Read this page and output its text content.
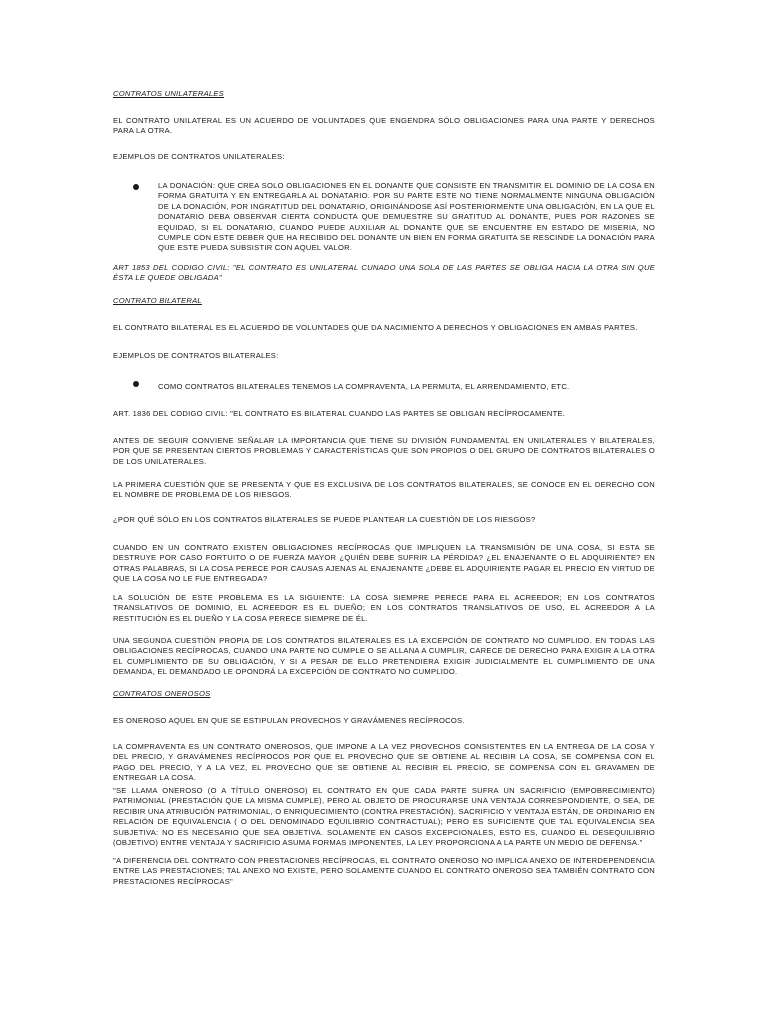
CONTRATOS UNILATERALES

EL CONTRATO UNILATERAL ES UN ACUERDO DE VOLUNTADES QUE ENGENDRA SÓLO OBLIGACIONES PARA UNA PARTE Y DERECHOS PARA LA OTRA.

EJEMPLOS DE CONTRATOS UNILATERALES:

LA DONACIÓN: QUE CREA SOLO OBLIGACIONES EN EL DONANTE QUE CONSISTE EN TRANSMITIR EL DOMINIO DE LA COSA EN FORMA GRATUITA Y EN ENTREGARLA AL DONATARIO. POR SU PARTE ESTE NO TIENE NORMALMENTE NINGUNA OBLIGACIÓN DE LA DONACIÓN, POR INGRATITUD DEL DONATARIO, ORIGINÁNDOSE ASÍ POSTERIORMENTE UNA OBLIGACIÓN, EN LA QUE EL DONATARIO DEBA OBSERVAR CIERTA CONDUCTA QUE DEMUESTRE SU GRATITUD AL DONANTE, PUES POR RAZONES SE EQUIDAD, SI EL DONATARIO, CUANDO PUEDE AUXILIAR AL DONANTE QUE SE ENCUENTRE EN ESTADO DE MISERIA, NO CUMPLE CON ESTE DEBER QUE HA RECIBIDO DEL DONANTE UN BIEN EN FORMA GRATUITA SE RESCINDE LA DONACIÓN PARA QUE ESTE PUEDA SUBSISTIR CON AQUEL VALOR.

ART 1853 DEL CODIGO CIVIL: "EL CONTRATO ES UNILATERAL CUNADO UNA SOLA DE LAS PARTES SE OBLIGA HACIA LA OTRA SIN QUE ÉSTA LE QUEDE OBLIGADA"

CONTRATO BILATERAL

EL CONTRATO BILATERAL ES EL ACUERDO DE VOLUNTADES QUE DA NACIMIENTO A DERECHOS Y OBLIGACIONES EN AMBAS PARTES.

EJEMPLOS DE CONTRATOS BILATERALES:

COMO CONTRATOS BILATERALES TENEMOS LA COMPRAVENTA, LA PERMUTA, EL ARRENDAMIENTO, ETC.

ART. 1836 DEL CODIGO CIVIL: "EL CONTRATO ES BILATERAL CUANDO LAS PARTES SE OBLIGAN RECÍPROCAMENTE.

ANTES DE SEGUIR CONVIENE SEÑALAR LA IMPORTANCIA QUE TIENE SU DIVISIÓN FUNDAMENTAL EN UNILATERALES Y BILATERALES, POR QUE SE PRESENTAN CIERTOS PROBLEMAS Y CARACTERÍSTICAS QUE SON PROPIOS O DEL GRUPO DE CONTRATOS BILATERALES O DE LOS UNILATERALES.

LA PRIMERA CUESTIÓN QUE SE PRESENTA Y QUE ES EXCLUSIVA DE LOS CONTRATOS BILATERALES, SE CONOCE EN EL DERECHO CON EL NOMBRE DE PROBLEMA DE LOS RIESGOS.

¿POR QUÉ SÓLO EN LOS CONTRATOS BILATERALES SE PUEDE PLANTEAR LA CUESTIÓN DE LOS RIESGOS?

CUANDO EN UN CONTRATO EXISTEN OBLIGACIONES RECÍPROCAS QUE IMPLIQUEN LA TRANSMISIÓN DE UNA COSA, SI ESTA SE DESTRUYE POR CASO FORTUITO O DE FUERZA MAYOR ¿QUIÉN DEBE SUFRIR LA PÉRDIDA? ¿EL ENAJENANTE O EL ADQUIRIENTE? EN OTRAS PALABRAS, SI LA COSA PERECE POR CAUSAS AJENAS AL ENAJENANTE ¿DEBE EL ADQUIRIENTE PAGAR EL PRECIO EN VIRTUD DE QUE LA COSA NO LE FUE ENTREGADA?

LA SOLUCIÓN DE ESTE PROBLEMA ES LA SIGUIENTE: LA COSA SIEMPRE PERECE PARA EL ACREEDOR; EN LOS CONTRATOS TRANSLATIVOS DE DOMINIO, EL ACREEDOR ES EL DUEÑO; EN LOS CONTRATOS TRANSLATIVOS DE USO, EL ACREEDOR A LA RESTITUCIÓN ES EL DUEÑO Y LA COSA PERECE SIEMPRE DE ÉL.

UNA SEGUNDA CUESTIÓN PROPIA DE LOS CONTRATOS BILATERALES ES LA EXCEPCIÓN DE CONTRATO NO CUMPLIDO. EN TODAS LAS OBLIGACIONES RECÍPROCAS, CUANDO UNA PARTE NO CUMPLE O SE ALLANA A CUMPLIR, CARECE DE DERECHO PARA EXIGIR A LA OTRA EL CUMPLIMIENTO DE SU OBLIGACIÓN, Y SI A PESAR DE ELLO PRETENDIERA EXIGIR JUDICIALMENTE EL CUMPLIMIENTO DE UNA DEMANDA, EL DEMANDADO LE OPONDRÁ LA EXCEPCIÓN DE CONTRATO NO CUMPLIDO.

CONTRATOS ONEROSOS

ES ONEROSO AQUEL EN QUE SE ESTIPULAN PROVECHOS Y GRAVÁMENES RECÍPROCOS.

LA COMPRAVENTA ES UN CONTRATO ONEROSOS, QUE IMPONE A LA VEZ PROVECHOS CONSISTENTES EN LA ENTREGA DE LA COSA Y DEL PRECIO, Y GRAVÁMENES RECÍPROCOS POR QUE EL PROVECHO QUE SE OBTIENE AL RECIBIR LA COSA, SE COMPENSA CON EL PAGO DEL PRECIO, Y A LA VEZ, EL PROVECHO QUE SE OBTIENE AL RECIBIR EL PRECIO, SE COMPENSA CON EL GRAVAMEN DE ENTREGAR LA COSA.

"SE LLAMA ONEROSO (O A TÍTULO ONEROSO) EL CONTRATO EN QUE CADA PARTE SUFRA UN SACRIFICIO (EMPOBRECIMIENTO) PATRIMONIAL (PRESTACIÓN QUE LA MISMA CUMPLE), PERO AL OBJETO DE PROCURARSE UNA VENTAJA CORRESPONDIENTE, O SEA, DE RECIBIR UNA ATRIBUCIÓN PATRIMONIAL, O ENRIQUECIMIENTO (CONTRA PRESTACIÓN). SACRIFICIO Y VENTAJA ESTÁN, DE ORDINARIO EN RELACIÓN DE EQUIVALENCIA ( O DEL DENOMINADO EQUILIBRIO CONTRACTUAL); PERO ES SUFICIENTE QUE TAL EQUIVALENCIA SEA SUBJETIVA: NO ES NECESARIO QUE SEA OBJETIVA. SOLAMENTE EN CASOS EXCEPCIONALES, ESTO ES, CUANDO EL DESEQUILIBRIO (OBJETIVO) ENTRE VENTAJA Y SACRIFICIO ASUMA FORMAS IMPONENTES, LA LEY PROPORCIONA A LA PARTE UN MEDIO DE DEFENSA."

"A DIFERENCIA DEL CONTRATO CON PRESTACIONES RECÍPROCAS, EL CONTRATO ONEROSO NO IMPLICA ANEXO DE INTERDEPENDENCIA ENTRE LAS PRESTACIONES; TAL ANEXO NO EXISTE, PERO SOLAMENTE CUANDO EL CONTRATO ONEROSO SEA TAMBIÉN CONTRATO CON PRESTACIONES RECÍPROCAS"
